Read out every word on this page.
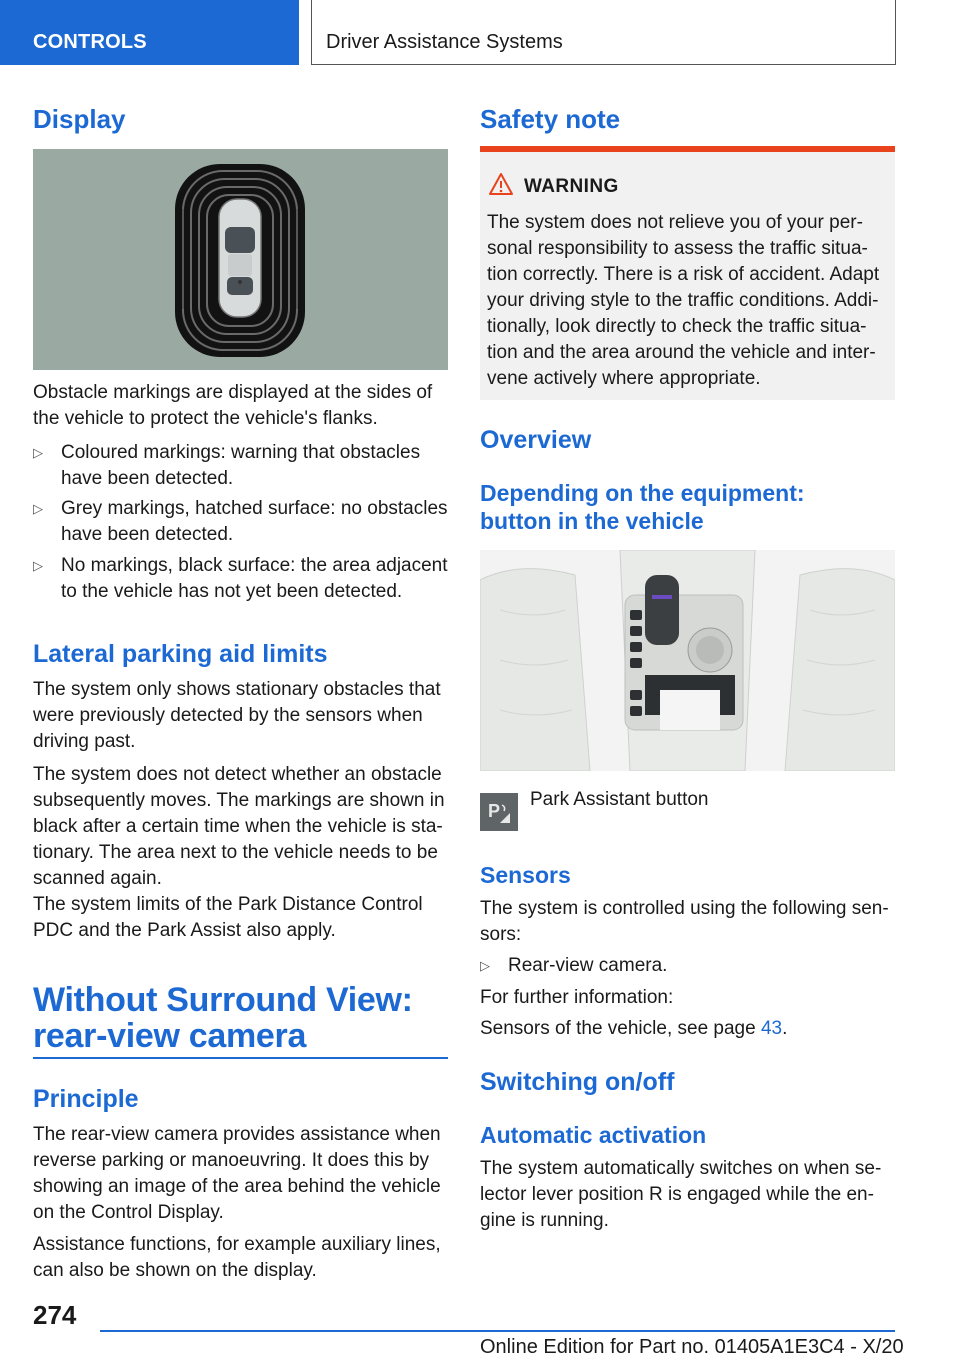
CONTROLS	Driver Assistance Systems
Display
Obstacle markings are displayed at the sides of the vehicle to protect the vehicle's flanks.
▷ Coloured markings: warning that obstacles have been detected.
▷ Grey markings, hatched surface: no obstacles have been detected.
▷ No markings, black surface: the area adjacent to the vehicle has not yet been detected.
Lateral parking aid limits
The system only shows stationary obstacles that were previously detected by the sensors when driving past.
The system does not detect whether an obstacle subsequently moves. The markings are shown in black after a certain time when the vehicle is sta-tionary. The area next to the vehicle needs to be scanned again.
The system limits of the Park Distance Control PDC and the Park Assist also apply.
Without Surround View:
rear-view camera
Principle
The rear-view camera provides assistance when reverse parking or manoeuvring. It does this by showing an image of the area behind the vehicle on the Control Display.
Assistance functions, for example auxiliary lines, can also be shown on the display.
Safety note
WARNING
The system does not relieve you of your per-sonal responsibility to assess the traffic situa-tion correctly. There is a risk of accident. Adapt your driving style to the traffic conditions. Addi-tionally, look directly to check the traffic situa-tion and the area around the vehicle and inter-vene actively where appropriate.
Overview
Depending on the equipment:
button in the vehicle
P
Park Assistant button
Sensors
The system is controlled using the following sen-sors:
▷ Rear-view camera.
For further information:
Sensors of the vehicle, see page 43.
Switching on/off
Automatic activation
The system automatically switches on when se-lector lever position R is engaged while the en-gine is running.
274
Online Edition for Part no. 01405A1E3C4 - X/20
